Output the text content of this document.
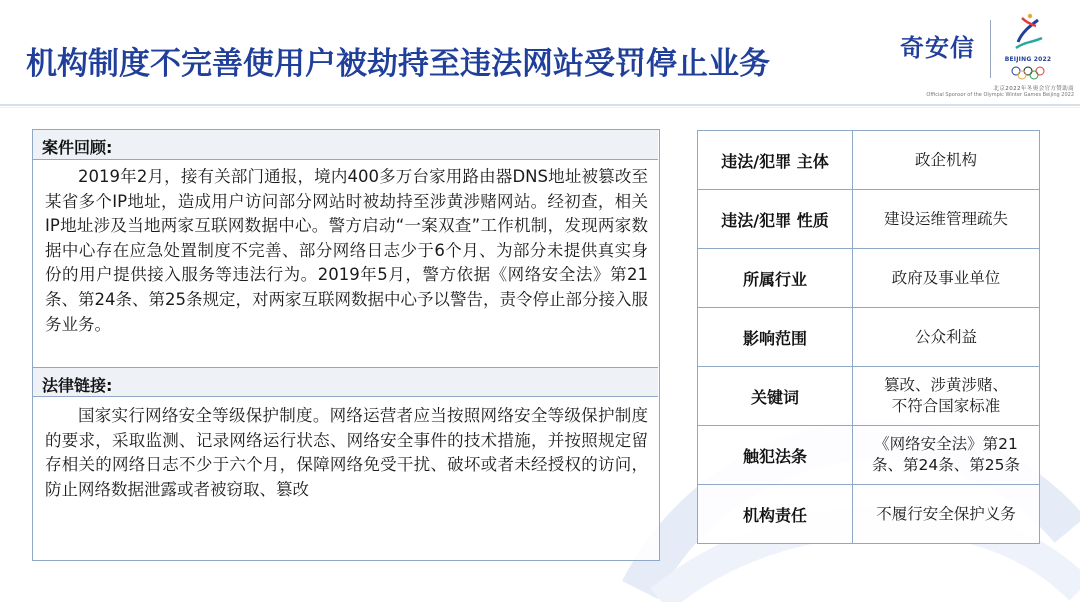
机构制度不完善使用户被劫持至违法网站受罚停止业务	奇安信	BEIJING 2022
北京2022年冬奥会官方赞助商
Official Sponsor of the Olympic Winter Games Beijing 2022
案件回顾:
2019年2月，接有关部门通报，境内400多万台家用路由器DNS地址被篡改至某省多个IP地址，造成用户访问部分网站时被劫持至涉黄涉赌网站。经初查，相关IP地址涉及当地两家互联网数据中心。警方启动“一案双查”工作机制，发现两家数据中心存在应急处置制度不完善、部分网络日志少于6个月、为部分未提供真实身份的用户提供接入服务等违法行为。2019年5月，警方依据《网络安全法》第21条、第24条、第25条规定，对两家互联网数据中心予以警告，责令停止部分接入服务业务。
法律链接:
国家实行网络安全等级保护制度。网络运营者应当按照网络安全等级保护制度的要求，采取监测、记录网络运行状态、网络安全事件的技术措施，并按照规定留存相关的网络日志不少于六个月，保障网络免受干扰、破坏或者未经授权的访问，防止网络数据泄露或者被窃取、篡改
违法/犯罪 主体	政企机构
违法/犯罪 性质	建设运维管理疏失
所属行业	政府及事业单位
影响范围	公众利益
关键词	篡改、涉黄涉赌、
不符合国家标准

触犯法条	《网络安全法》第21
条、第24条、第25条

机构责任	不履行安全保护义务
